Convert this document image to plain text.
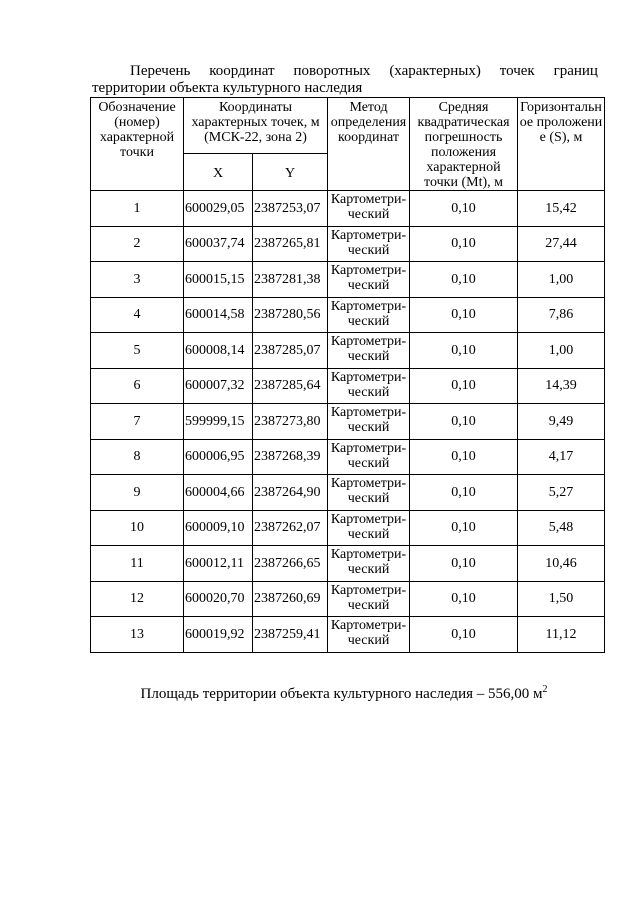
Перечень координат поворотных (характерных) точек границ
территории объекта культурного наследия
Обозначение (номер) характерной точки	Координаты характерных точек, м (МСК-22, зона 2)		Метод определения координат	Средняя квадратическая погрешность положения характерной точки (Mt), м	Горизонтальное проложение (S), м
	X	Y			
1	600029,05	2387253,07	Картометри-ческий	0,10	15,42
2	600037,74	2387265,81	Картометри-ческий	0,10	27,44
3	600015,15	2387281,38	Картометри-ческий	0,10	1,00
4	600014,58	2387280,56	Картометри-ческий	0,10	7,86
5	600008,14	2387285,07	Картометри-ческий	0,10	1,00
6	600007,32	2387285,64	Картометри-ческий	0,10	14,39
7	599999,15	2387273,80	Картометри-ческий	0,10	9,49
8	600006,95	2387268,39	Картометри-ческий	0,10	4,17
9	600004,66	2387264,90	Картометри-ческий	0,10	5,27
10	600009,10	2387262,07	Картометри-ческий	0,10	5,48
11	600012,11	2387266,65	Картометри-ческий	0,10	10,46
12	600020,70	2387260,69	Картометри-ческий	0,10	1,50
13	600019,92	2387259,41	Картометри-ческий	0,10	11,12
Площадь территории объекта культурного наследия – 556,00 $м^2$
